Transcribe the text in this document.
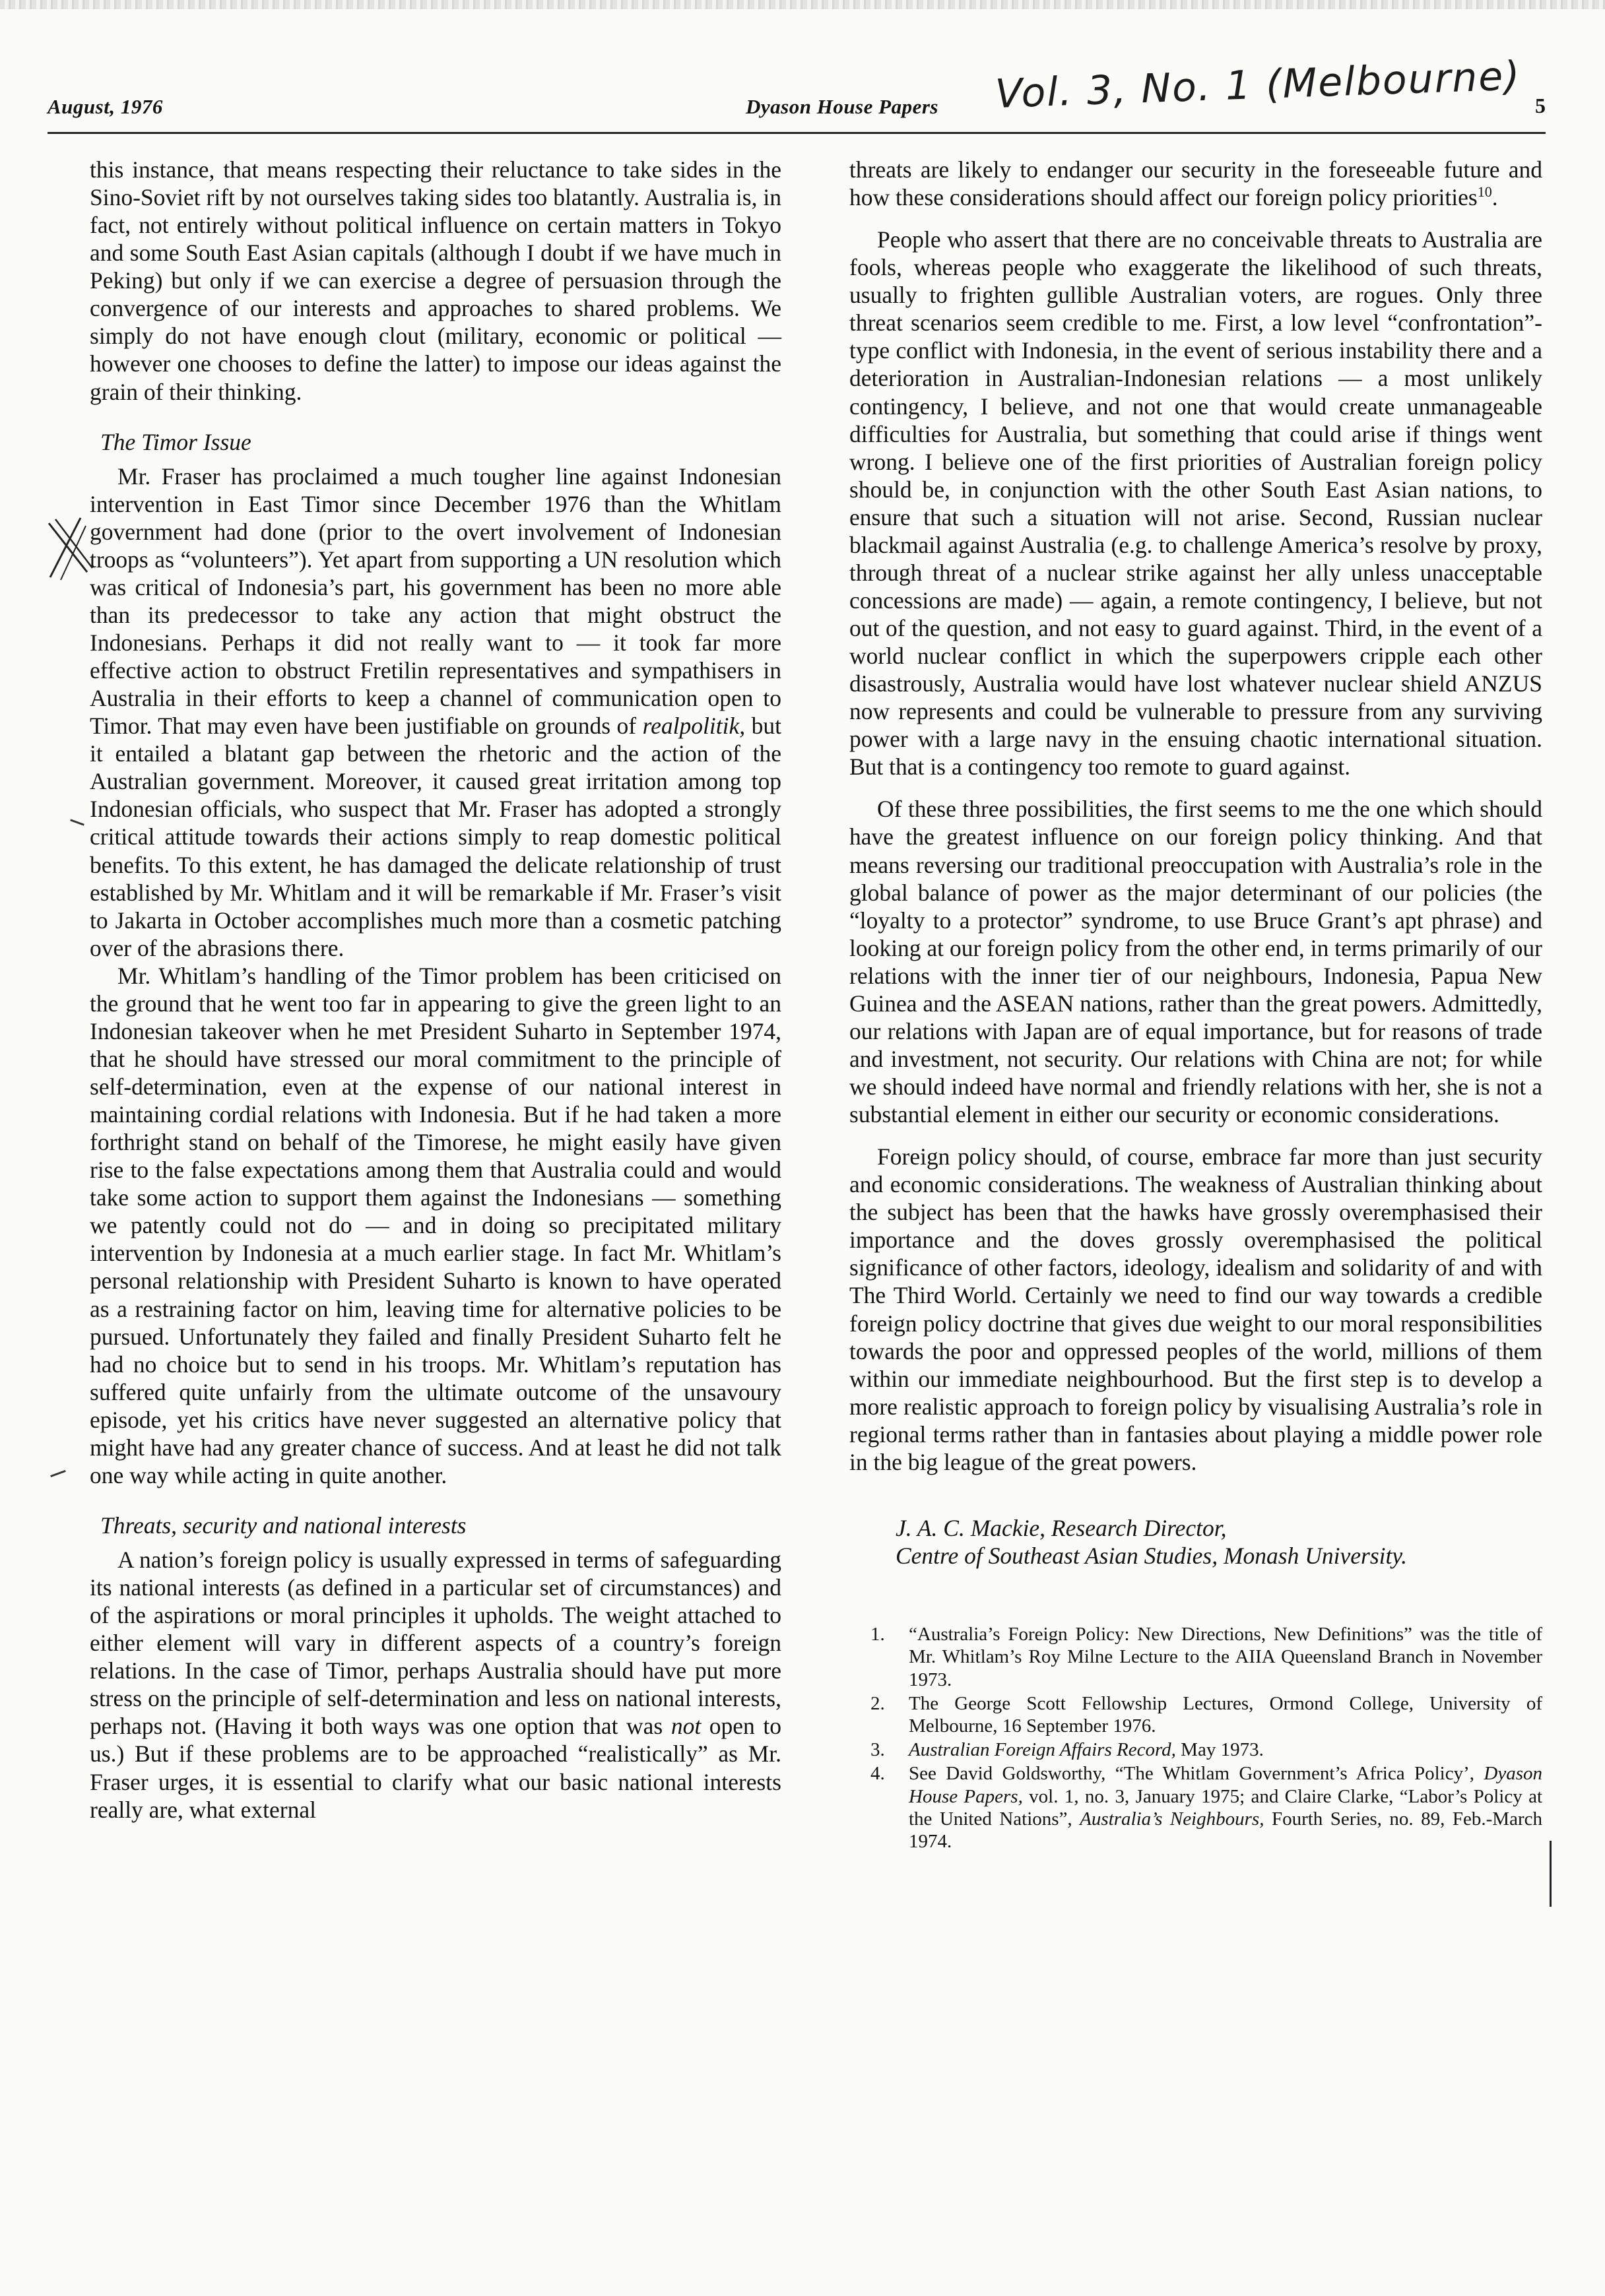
August, 1976	Dyason House Papers Vol. 3, No. 1 (Melbourne) 5

this instance, that means respecting their reluctance to take sides in the Sino-Soviet rift by not ourselves taking sides too blatantly. Australia is, in fact, not entirely without political influence on certain matters in Tokyo and some South East Asian capitals (although I doubt if we have much in Peking) but only if we can exercise a degree of persuasion through the convergence of our interests and approaches to shared problems. We simply do not have enough clout (military, economic or political — however one chooses to define the latter) to impose our ideas against the grain of their thinking.

The Timor Issue

Mr. Fraser has proclaimed a much tougher line against Indonesian intervention in East Timor since December 1976 than the Whitlam government had done (prior to the overt involvement of Indonesian troops as “volunteers”). Yet apart from supporting a UN resolution which was critical of Indonesia’s part, his government has been no more able than its predecessor to take any action that might obstruct the Indonesians. Perhaps it did not really want to — it took far more effective action to obstruct Fretilin representatives and sympathisers in Australia in their efforts to keep a channel of communication open to Timor. That may even have been justifiable on grounds of realpolitik, but it entailed a blatant gap between the rhetoric and the action of the Australian government. Moreover, it caused great irritation among top Indonesian officials, who suspect that Mr. Fraser has adopted a strongly critical attitude towards their actions simply to reap domestic political benefits. To this extent, he has damaged the delicate relationship of trust established by Mr. Whitlam and it will be remarkable if Mr. Fraser’s visit to Jakarta in October accomplishes much more than a cosmetic patching over of the abrasions there.

Mr. Whitlam’s handling of the Timor problem has been criticised on the ground that he went too far in appearing to give the green light to an Indonesian takeover when he met President Suharto in September 1974, that he should have stressed our moral commitment to the principle of self-determination, even at the expense of our national interest in maintaining cordial relations with Indonesia. But if he had taken a more forthright stand on behalf of the Timorese, he might easily have given rise to the false expectations among them that Australia could and would take some action to support them against the Indonesians — something we patently could not do — and in doing so precipitated military intervention by Indonesia at a much earlier stage. In fact Mr. Whitlam’s personal relationship with President Suharto is known to have operated as a restraining factor on him, leaving time for alternative policies to be pursued. Unfortunately they failed and finally President Suharto felt he had no choice but to send in his troops. Mr. Whitlam’s reputation has suffered quite unfairly from the ultimate outcome of the unsavoury episode, yet his critics have never suggested an alternative policy that might have had any greater chance of success. And at least he did not talk one way while acting in quite another.

Threats, security and national interests

A nation’s foreign policy is usually expressed in terms of safeguarding its national interests (as defined in a particular set of circumstances) and of the aspirations or moral principles it upholds. The weight attached to either element will vary in different aspects of a country’s foreign relations. In the case of Timor, perhaps Australia should have put more stress on the principle of self-determination and less on national interests, perhaps not. (Having it both ways was one option that was not open to us.) But if these problems are to be approached “realistically” as Mr. Fraser urges, it is essential to clarify what our basic national interests really are, what external

threats are likely to endanger our security in the foreseeable future and how these considerations should affect our foreign policy priorities$^{10}$.

People who assert that there are no conceivable threats to Australia are fools, whereas people who exaggerate the likelihood of such threats, usually to frighten gullible Australian voters, are rogues. Only three threat scenarios seem credible to me. First, a low level “confrontation”-type conflict with Indonesia, in the event of serious instability there and a deterioration in Australian-Indonesian relations — a most unlikely contingency, I believe, and not one that would create unmanageable difficulties for Australia, but something that could arise if things went wrong. I believe one of the first priorities of Australian foreign policy should be, in conjunction with the other South East Asian nations, to ensure that such a situation will not arise. Second, Russian nuclear blackmail against Australia (e.g. to challenge America’s resolve by proxy, through threat of a nuclear strike against her ally unless unacceptable concessions are made) — again, a remote contingency, I believe, but not out of the question, and not easy to guard against. Third, in the event of a world nuclear conflict in which the superpowers cripple each other disastrously, Australia would have lost whatever nuclear shield ANZUS now represents and could be vulnerable to pressure from any surviving power with a large navy in the ensuing chaotic international situation. But that is a contingency too remote to guard against.

Of these three possibilities, the first seems to me the one which should have the greatest influence on our foreign policy thinking. And that means reversing our traditional preoccupation with Australia’s role in the global balance of power as the major determinant of our policies (the “loyalty to a protector” syndrome, to use Bruce Grant’s apt phrase) and looking at our foreign policy from the other end, in terms primarily of our relations with the inner tier of our neighbours, Indonesia, Papua New Guinea and the ASEAN nations, rather than the great powers. Admittedly, our relations with Japan are of equal importance, but for reasons of trade and investment, not security. Our relations with China are not; for while we should indeed have normal and friendly relations with her, she is not a substantial element in either our security or economic considerations.

Foreign policy should, of course, embrace far more than just security and economic considerations. The weakness of Australian thinking about the subject has been that the hawks have grossly overemphasised their importance and the doves grossly overemphasised the political significance of other factors, ideology, idealism and solidarity of and with The Third World. Certainly we need to find our way towards a credible foreign policy doctrine that gives due weight to our moral responsibilities towards the poor and oppressed peoples of the world, millions of them within our immediate neighbourhood. But the first step is to develop a more realistic approach to foreign policy by visualising Australia’s role in regional terms rather than in fantasies about playing a middle power role in the big league of the great powers.

J. A. C. Mackie, Research Director,
Centre of Southeast Asian Studies, Monash University.
1.	“Australia’s Foreign Policy: New Directions, New Definitions” was the title of Mr. Whitlam’s Roy Milne Lecture to the AIIA Queensland Branch in November 1973.
2.	The George Scott Fellowship Lectures, Ormond College, University of Melbourne, 16 September 1976.
3.	Australian Foreign Affairs Record, May 1973.
4.	See David Goldsworthy, “The Whitlam Government’s Africa Policy’, Dyason House Papers, vol. 1, no. 3, January 1975; and Claire Clarke, “Labor’s Policy at the United Nations”, Australia’s Neighbours, Fourth Series, no. 89, Feb.-March 1974.
